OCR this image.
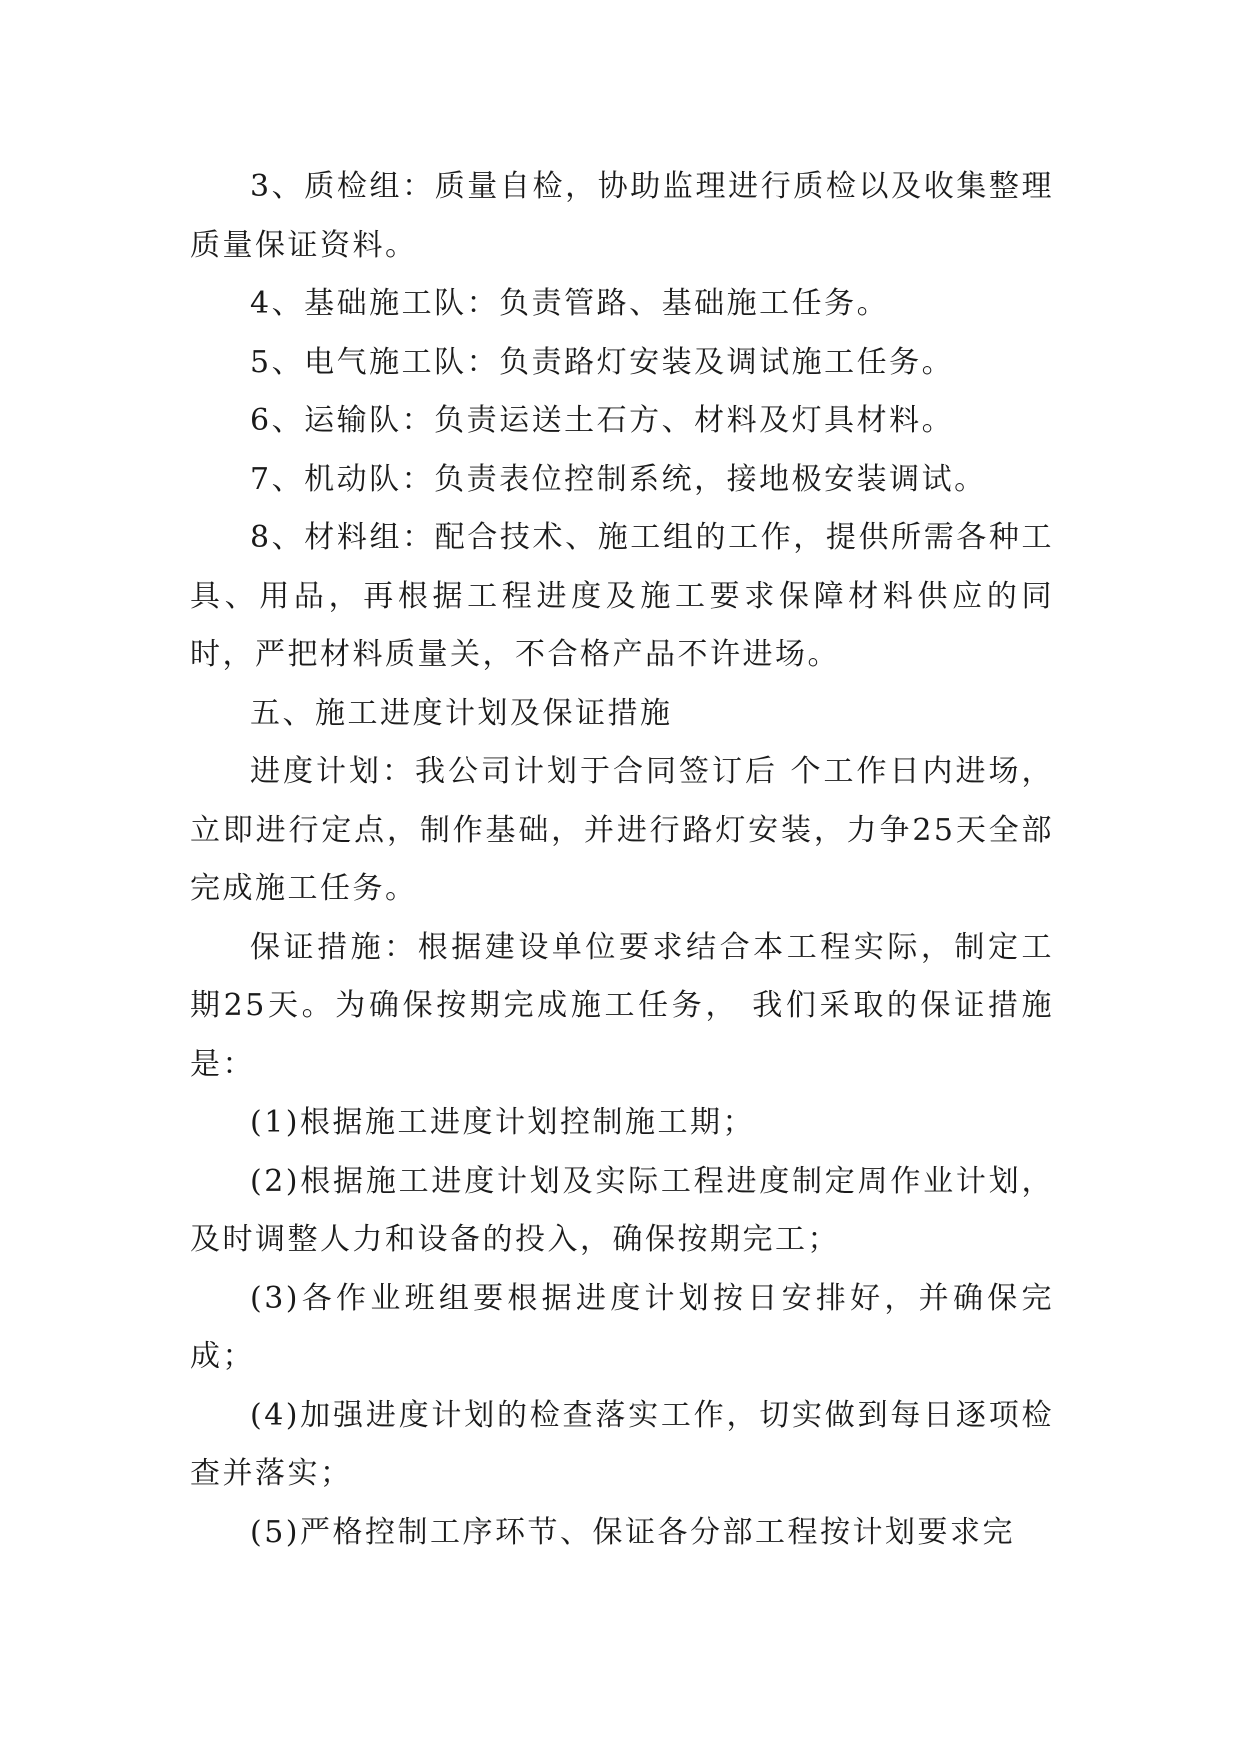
3、质检组：质量自检，协助监理进行质检以及收集整理质量保证资料。

4、基础施工队：负责管路、基础施工任务。

5、电气施工队：负责路灯安装及调试施工任务。

6、运输队：负责运送土石方、材料及灯具材料。

7、机动队：负责表位控制系统，接地极安装调试。

8、材料组：配合技术、施工组的工作，提供所需各种工具、用品，再根据工程进度及施工要求保障材料供应的同时，严把材料质量关，不合格产品不许进场。

五、施工进度计划及保证措施

进度计划：我公司计划于合同签订后 个工作日内进场，立即进行定点，制作基础，并进行路灯安装，力争25天全部完成施工任务。

保证措施：根据建设单位要求结合本工程实际，制定工期25天。为确保按期完成施工任务， 我们采取的保证措施是：

(1)根据施工进度计划控制施工期；

(2)根据施工进度计划及实际工程进度制定周作业计划，及时调整人力和设备的投入，确保按期完工；

(3)各作业班组要根据进度计划按日安排好，并确保完成；

(4)加强进度计划的检查落实工作，切实做到每日逐项检查并落实；

(5)严格控制工序环节、保证各分部工程按计划要求完
